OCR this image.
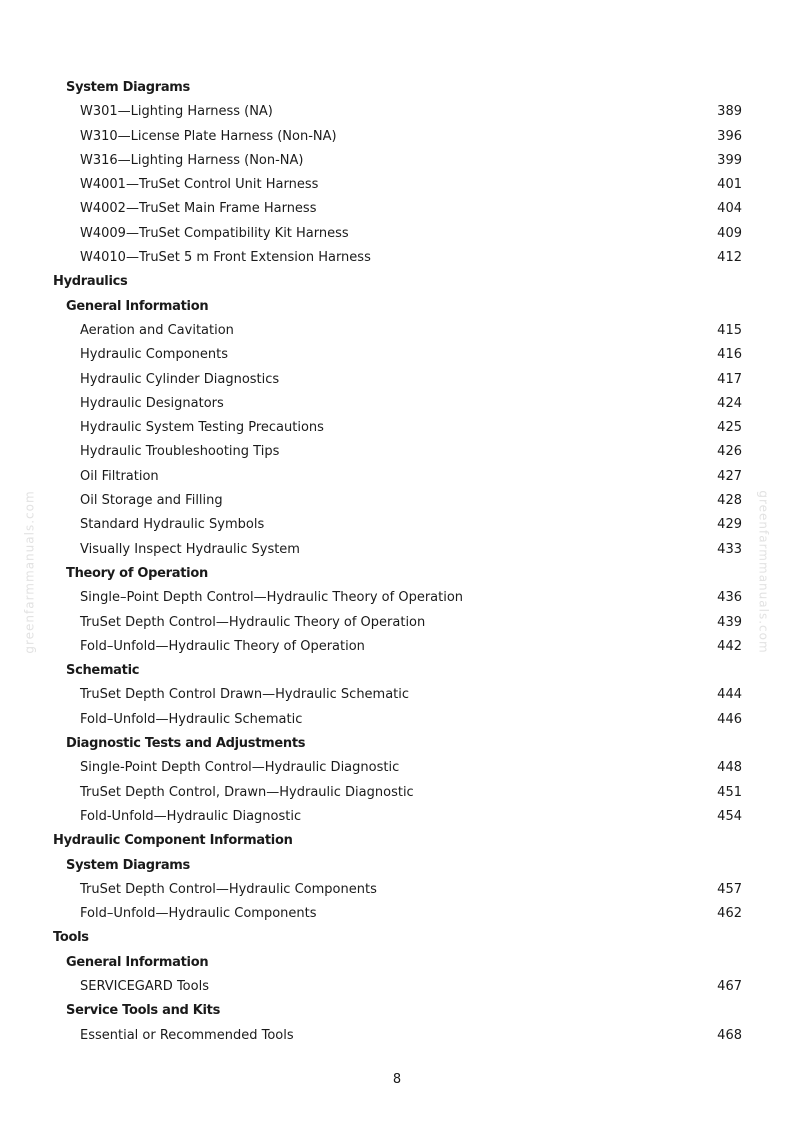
System Diagrams
W301—Lighting Harness (NA)	389
W310—License Plate Harness (Non-NA)	396
W316—Lighting Harness (Non-NA)	399
W4001—TruSet Control Unit Harness	401
W4002—TruSet Main Frame Harness	404
W4009—TruSet Compatibility Kit Harness	409
W4010—TruSet 5 m Front Extension Harness	412
Hydraulics
General Information
Aeration and Cavitation	415
Hydraulic Components	416
Hydraulic Cylinder Diagnostics	417
Hydraulic Designators	424
Hydraulic System Testing Precautions	425
Hydraulic Troubleshooting Tips	426
Oil Filtration	427
Oil Storage and Filling	428
Standard Hydraulic Symbols	429
Visually Inspect Hydraulic System	433
Theory of Operation
Single–Point Depth Control—Hydraulic Theory of Operation	436
TruSet Depth Control—Hydraulic Theory of Operation	439
Fold–Unfold—Hydraulic Theory of Operation	442
Schematic
TruSet Depth Control Drawn—Hydraulic Schematic	444
Fold–Unfold—Hydraulic Schematic	446
Diagnostic Tests and Adjustments
Single-Point Depth Control—Hydraulic Diagnostic	448
TruSet Depth Control, Drawn—Hydraulic Diagnostic	451
Fold-Unfold—Hydraulic Diagnostic	454
Hydraulic Component Information
System Diagrams
TruSet Depth Control—Hydraulic Components	457
Fold–Unfold—Hydraulic Components	462
Tools
General Information
SERVICEGARD Tools	467
Service Tools and Kits
Essential or Recommended Tools	468
8
greenfarmmanuals.com	greenfarmmanuals.com
